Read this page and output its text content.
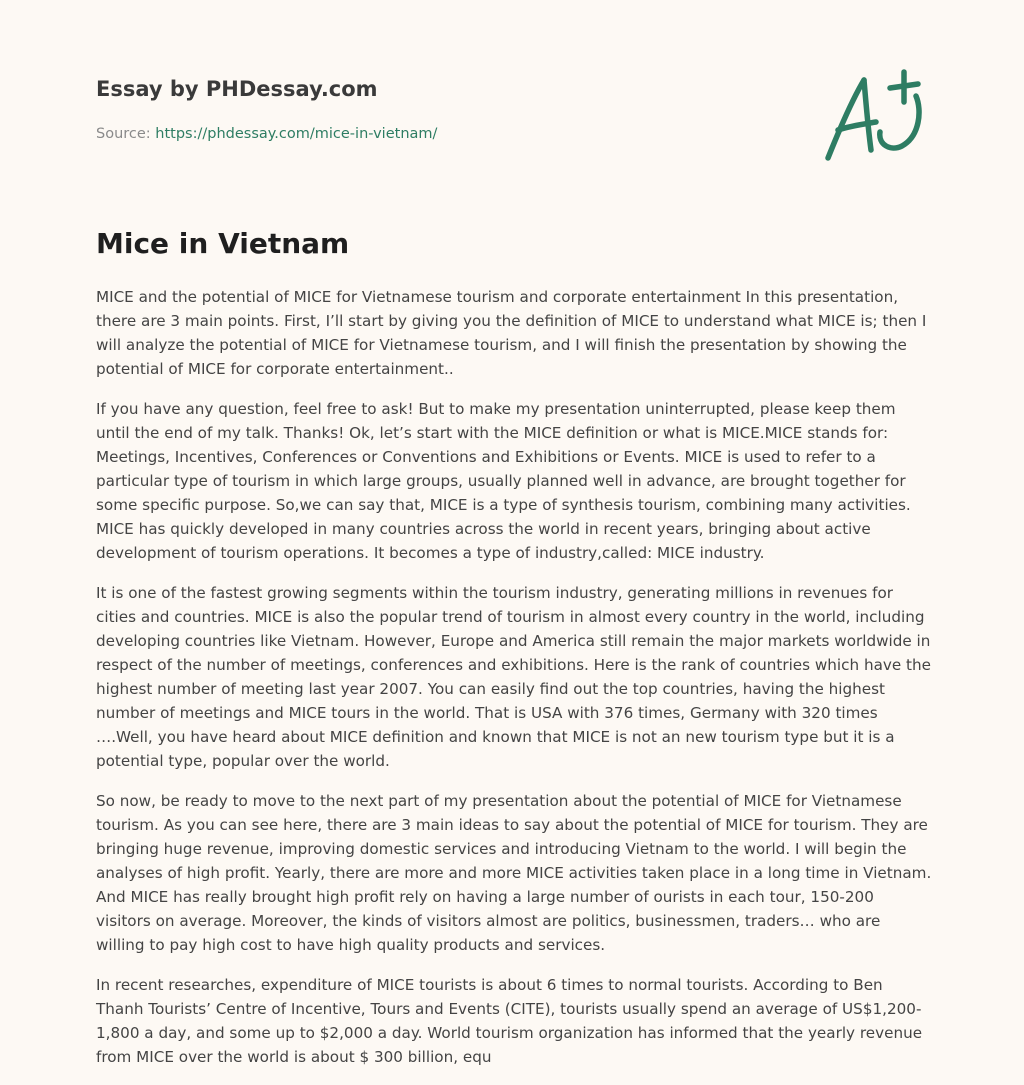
Essay by PHDessay.com

Source: https://phdessay.com/mice-in-vietnam/

Mice in Vietnam

MICE and the potential of MICE for Vietnamese tourism and corporate entertainment In this presentation, there are 3 main points. First, I’ll start by giving you the definition of MICE to understand what MICE is; then I will analyze the potential of MICE for Vietnamese tourism, and I will finish the presentation by showing the potential of MICE for corporate entertainment..

If you have any question, feel free to ask! But to make my presentation uninterrupted, please keep them until the end of my talk. Thanks! Ok, let’s start with the MICE definition or what is MICE.MICE stands for: Meetings, Incentives, Conferences or Conventions and Exhibitions or Events. MICE is used to refer to a particular type of tourism in which large groups, usually planned well in advance, are brought together for some specific purpose. So,we can say that, MICE is a type of synthesis tourism, combining many activities. MICE has quickly developed in many countries across the world in recent years, bringing about active development of tourism operations. It becomes a type of industry,called: MICE industry.

It is one of the fastest growing segments within the tourism industry, generating millions in revenues for cities and countries. MICE is also the popular trend of tourism in almost every country in the world, including developing countries like Vietnam. However, Europe and America still remain the major markets worldwide in respect of the number of meetings, conferences and exhibitions. Here is the rank of countries which have the highest number of meeting last year 2007. You can easily find out the top countries, having the highest number of meetings and MICE tours in the world. That is USA with 376 times, Germany with 320 times ….Well, you have heard about MICE definition and known that MICE is not an new tourism type but it is a potential type, popular over the world.

So now, be ready to move to the next part of my presentation about the potential of MICE for Vietnamese tourism. As you can see here, there are 3 main ideas to say about the potential of MICE for tourism. They are bringing huge revenue, improving domestic services and introducing Vietnam to the world. I will begin the analyses of high profit. Yearly, there are more and more MICE activities taken place in a long time in Vietnam. And MICE has really brought high profit rely on having a large number of ourists in each tour, 150-200 visitors on average. Moreover, the kinds of visitors almost are politics, businessmen, traders… who are willing to pay high cost to have high quality products and services.

In recent researches, expenditure of MICE tourists is about 6 times to normal tourists. According to Ben Thanh Tourists’ Centre of Incentive, Tours and Events (CITE), tourists usually spend an average of US$1,200-1,800 a day, and some up to $2,000 a day. World tourism organization has informed that the yearly revenue from MICE over the world is about $ 300 billion, equ
